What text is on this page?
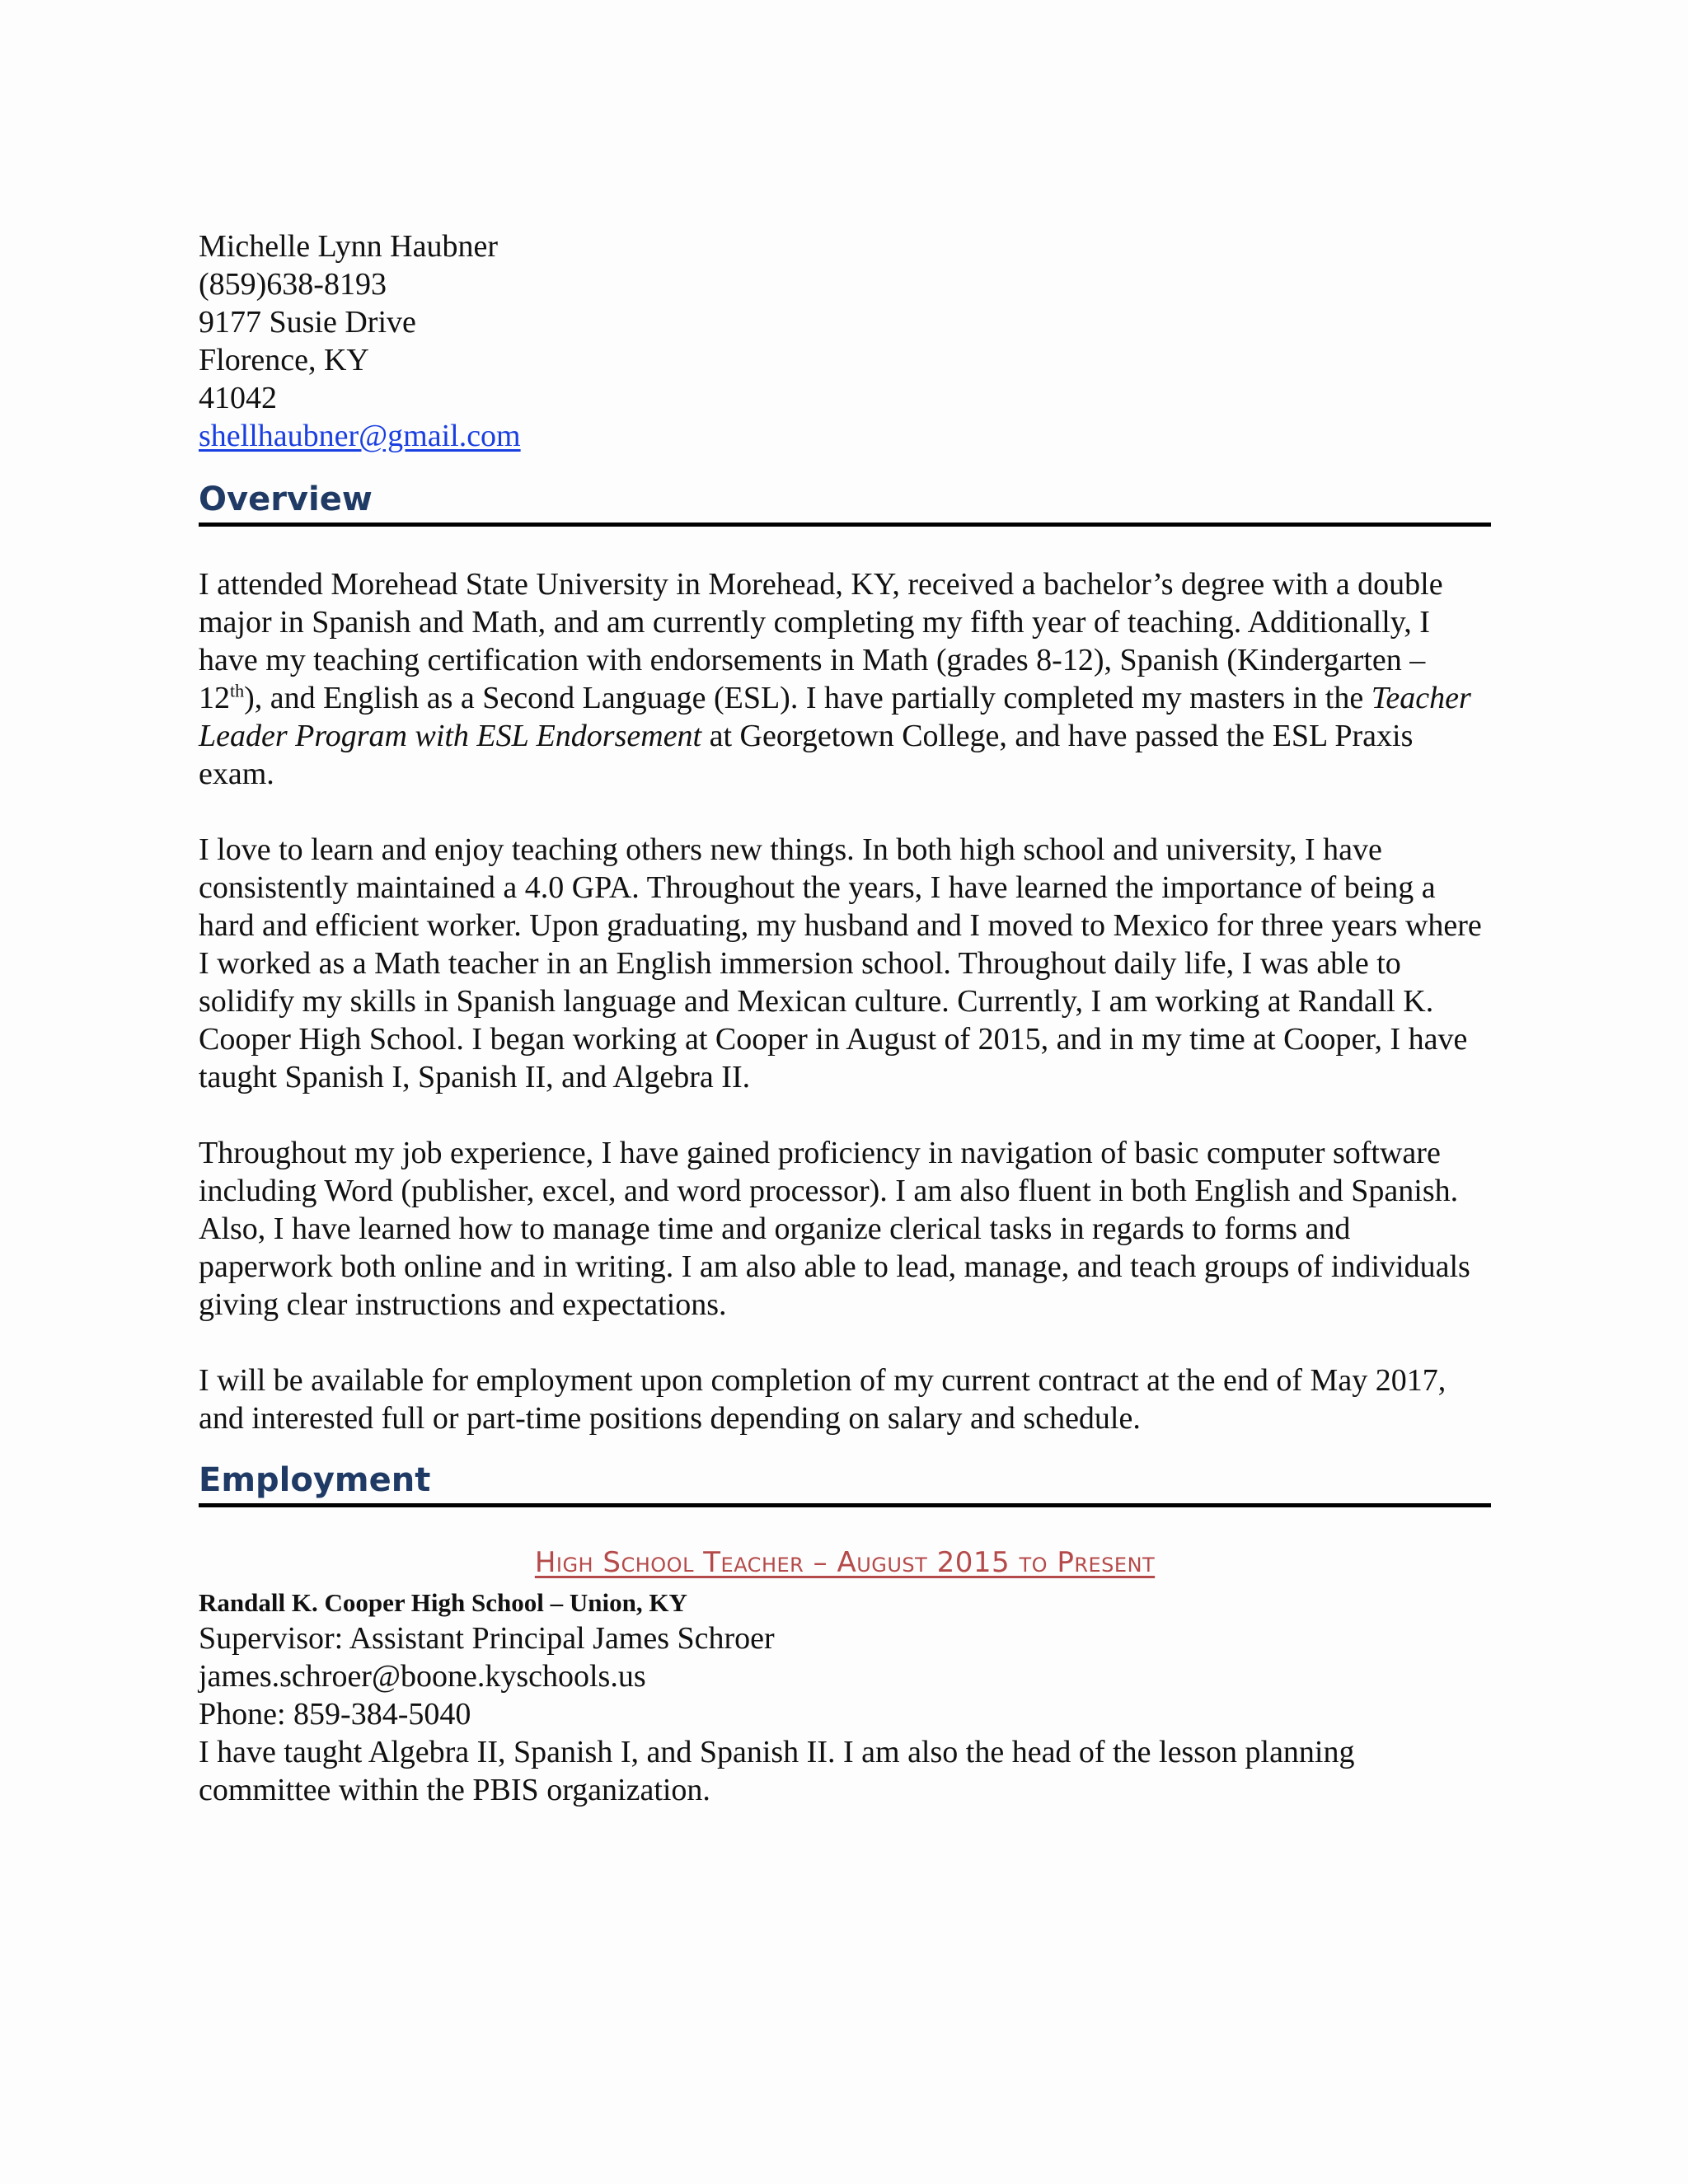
Michelle Lynn Haubner

(859)638-8193

9177 Susie Drive

Florence, KY

41042

shellhaubner@gmail.com

Overview

I attended Morehead State University in Morehead, KY, received a bachelor’s degree with a double major in Spanish and Math, and am currently completing my fifth year of teaching. Additionally, I have my teaching certification with endorsements in Math (grades 8-12), Spanish (Kindergarten – 12th), and English as a Second Language (ESL). I have partially completed my masters in the Teacher Leader Program with ESL Endorsement at Georgetown College, and have passed the ESL Praxis exam.

I love to learn and enjoy teaching others new things. In both high school and university, I have consistently maintained a 4.0 GPA. Throughout the years, I have learned the importance of being a hard and efficient worker. Upon graduating, my husband and I moved to Mexico for three years where I worked as a Math teacher in an English immersion school. Throughout daily life, I was able to solidify my skills in Spanish language and Mexican culture. Currently, I am working at Randall K. Cooper High School. I began working at Cooper in August of 2015, and in my time at Cooper, I have taught Spanish I, Spanish II, and Algebra II.

Throughout my job experience, I have gained proficiency in navigation of basic computer software including Word (publisher, excel, and word processor). I am also fluent in both English and Spanish. Also, I have learned how to manage time and organize clerical tasks in regards to forms and paperwork both online and in writing. I am also able to lead, manage, and teach groups of individuals giving clear instructions and expectations.

I will be available for employment upon completion of my current contract at the end of May 2017, and interested full or part-time positions depending on salary and schedule.

Employment
High School Teacher – August 2015 to Present

Randall K. Cooper High School – Union, KY

Supervisor: Assistant Principal James Schroer

james.schroer@boone.kyschools.us

Phone: 859-384-5040

I have taught Algebra II, Spanish I, and Spanish II. I am also the head of the lesson planning committee within the PBIS organization.
